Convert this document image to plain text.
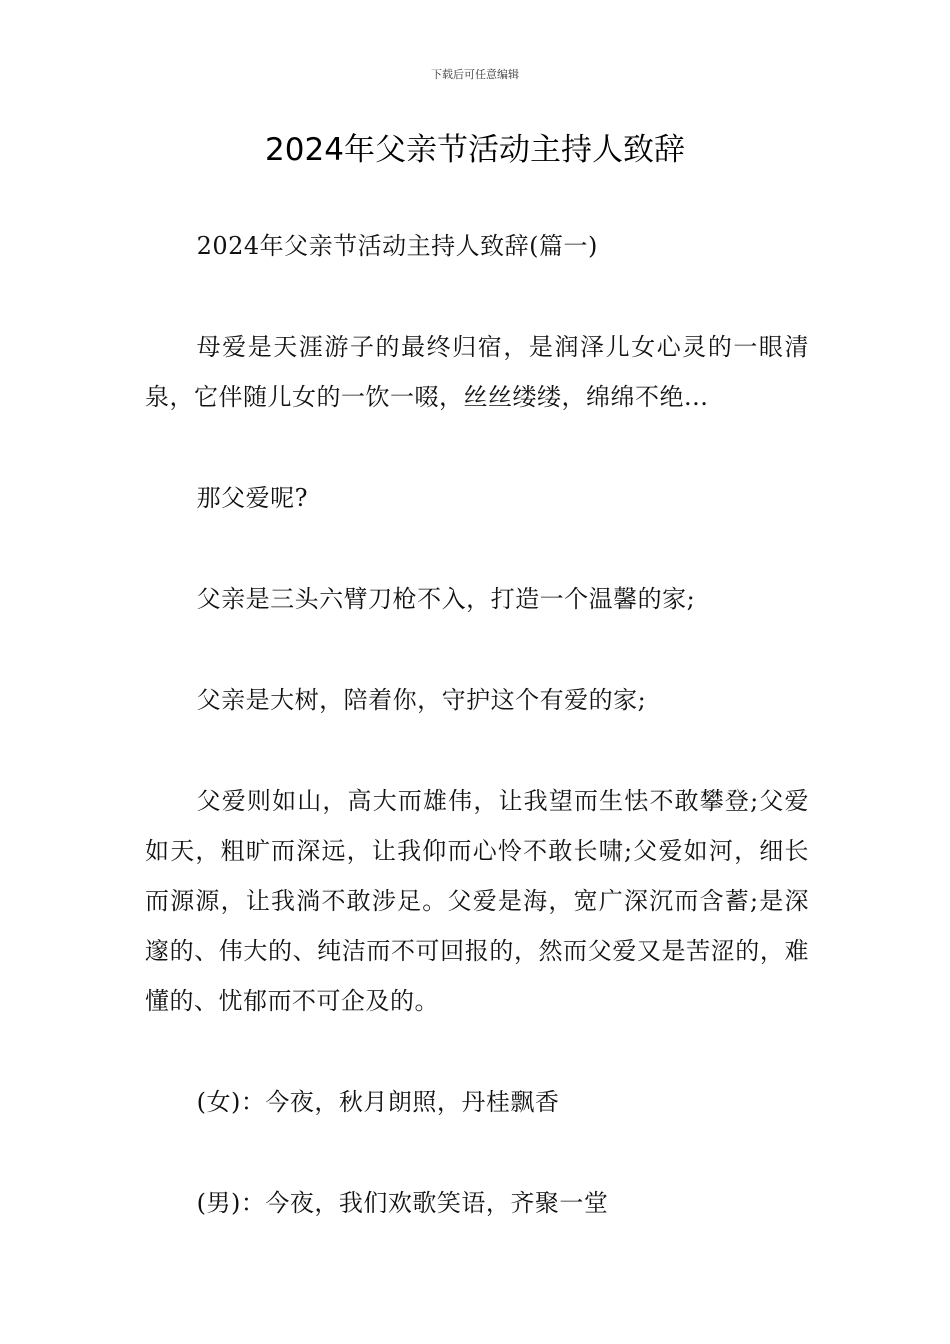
下载后可任意编辑
2024年父亲节活动主持人致辞

2024年父亲节活动主持人致辞(篇一)

母爱是天涯游子的最终归宿，是润泽儿女心灵的一眼清泉，它伴随儿女的一饮一啜，丝丝缕缕，绵绵不绝...

那父爱呢?

父亲是三头六臂刀枪不入，打造一个温馨的家;

父亲是大树，陪着你，守护这个有爱的家;

父爱则如山，高大而雄伟，让我望而生怯不敢攀登;父爱如天，粗旷而深远，让我仰而心怜不敢长啸;父爱如河，细长而源源，让我淌不敢涉足。父爱是海，宽广深沉而含蓄;是深邃的、伟大的、纯洁而不可回报的，然而父爱又是苦涩的，难懂的、忧郁而不可企及的。

(女)：今夜，秋月朗照，丹桂飘香

(男)：今夜，我们欢歌笑语，齐聚一堂
